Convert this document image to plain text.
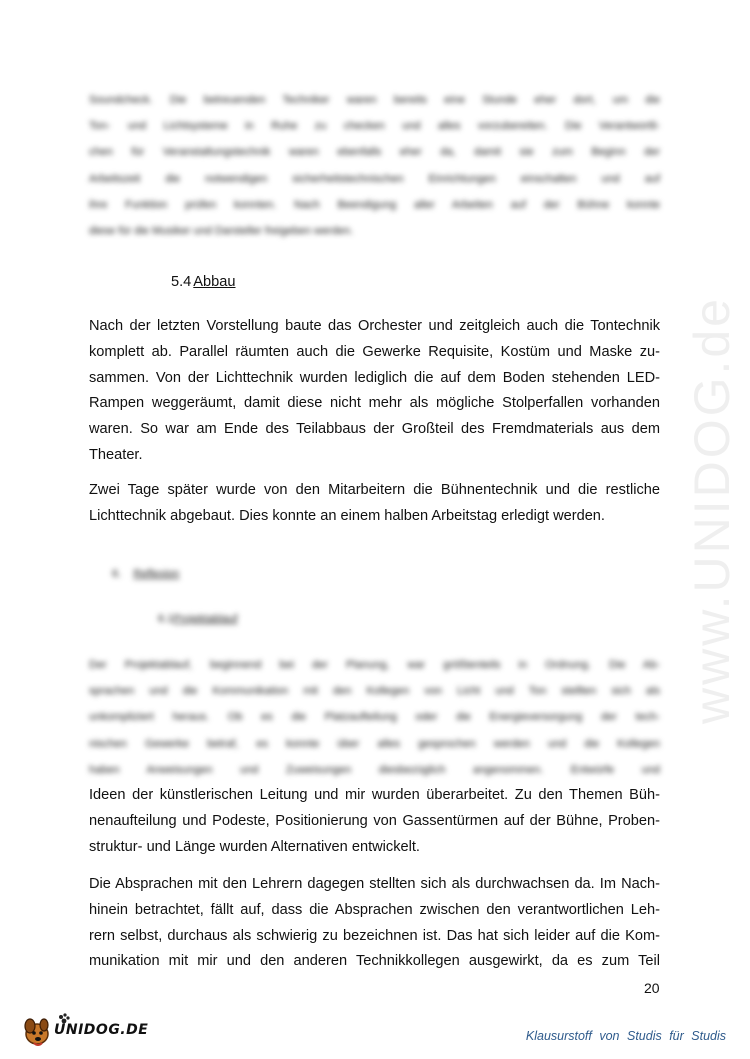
www.UNIDOG.de
Soundcheck. Die betreuenden Techniker waren bereits eine Stunde eher dort, um die
Ton- und Lichtsysteme in Ruhe zu checken und alles vorzubereiten. Die Verantwortli-
chen für Veranstaltungstechnik waren ebenfalls eher da, damit sie zum Beginn der
Arbeitszeit die notwendigen sicherheitstechnischen Einrichtungen einschalten und auf
ihre Funktion prüfen konnten. Nach Beendigung aller Arbeiten auf der Bühne konnte
diese für die Musiker und Darsteller freigeben werden.
5.4 Abbau
Nach der letzten Vorstellung baute das Orchester und zeitgleich auch die Tontechnik
komplett ab. Parallel räumten auch die Gewerke Requisite, Kostüm und Maske zu-
sammen. Von der Lichttechnik wurden lediglich die auf dem Boden stehenden LED-
Rampen weggeräumt, damit diese nicht mehr als mögliche Stolperfallen vorhanden
waren. So war am Ende des Teilabbaus der Großteil des Fremdmaterials aus dem
Theater.
Zwei Tage später wurde von den Mitarbeitern die Bühnentechnik und die restliche
Lichttechnik abgebaut. Dies konnte an einem halben Arbeitstag erledigt werden.
6. Reflexion
6.1Projektablauf
Der Projektablauf, beginnend bei der Planung, war größtenteils in Ordnung. Die Ab-
sprachen und die Kommunikation mit den Kollegen von Licht und Ton stellten sich als
unkompliziert heraus. Ob es die Platzaufteilung oder die Energieversorgung der tech-
nischen Gewerke betraf, es konnte über alles gesprochen werden und die Kollegen
haben Anweisungen und Zuweisungen diesbezüglich angenommen. Entwürfe und
Ideen der künstlerischen Leitung und mir wurden überarbeitet. Zu den Themen Büh-
nenaufteilung und Podeste, Positionierung von Gassentürmen auf der Bühne, Proben-
struktur- und Länge wurden Alternativen entwickelt.
Die Absprachen mit den Lehrern dagegen stellten sich als durchwachsen da. Im Nach-
hinein betrachtet, fällt auf, dass die Absprachen zwischen den verantwortlichen Leh-
rern selbst, durchaus als schwierig zu bezeichnen ist. Das hat sich leider auf die Kom-
munikation mit mir und den anderen Technikkollegen ausgewirkt, da es zum Teil
20
UNIDOG.DE	Klausurstoff von Studis für Studis
